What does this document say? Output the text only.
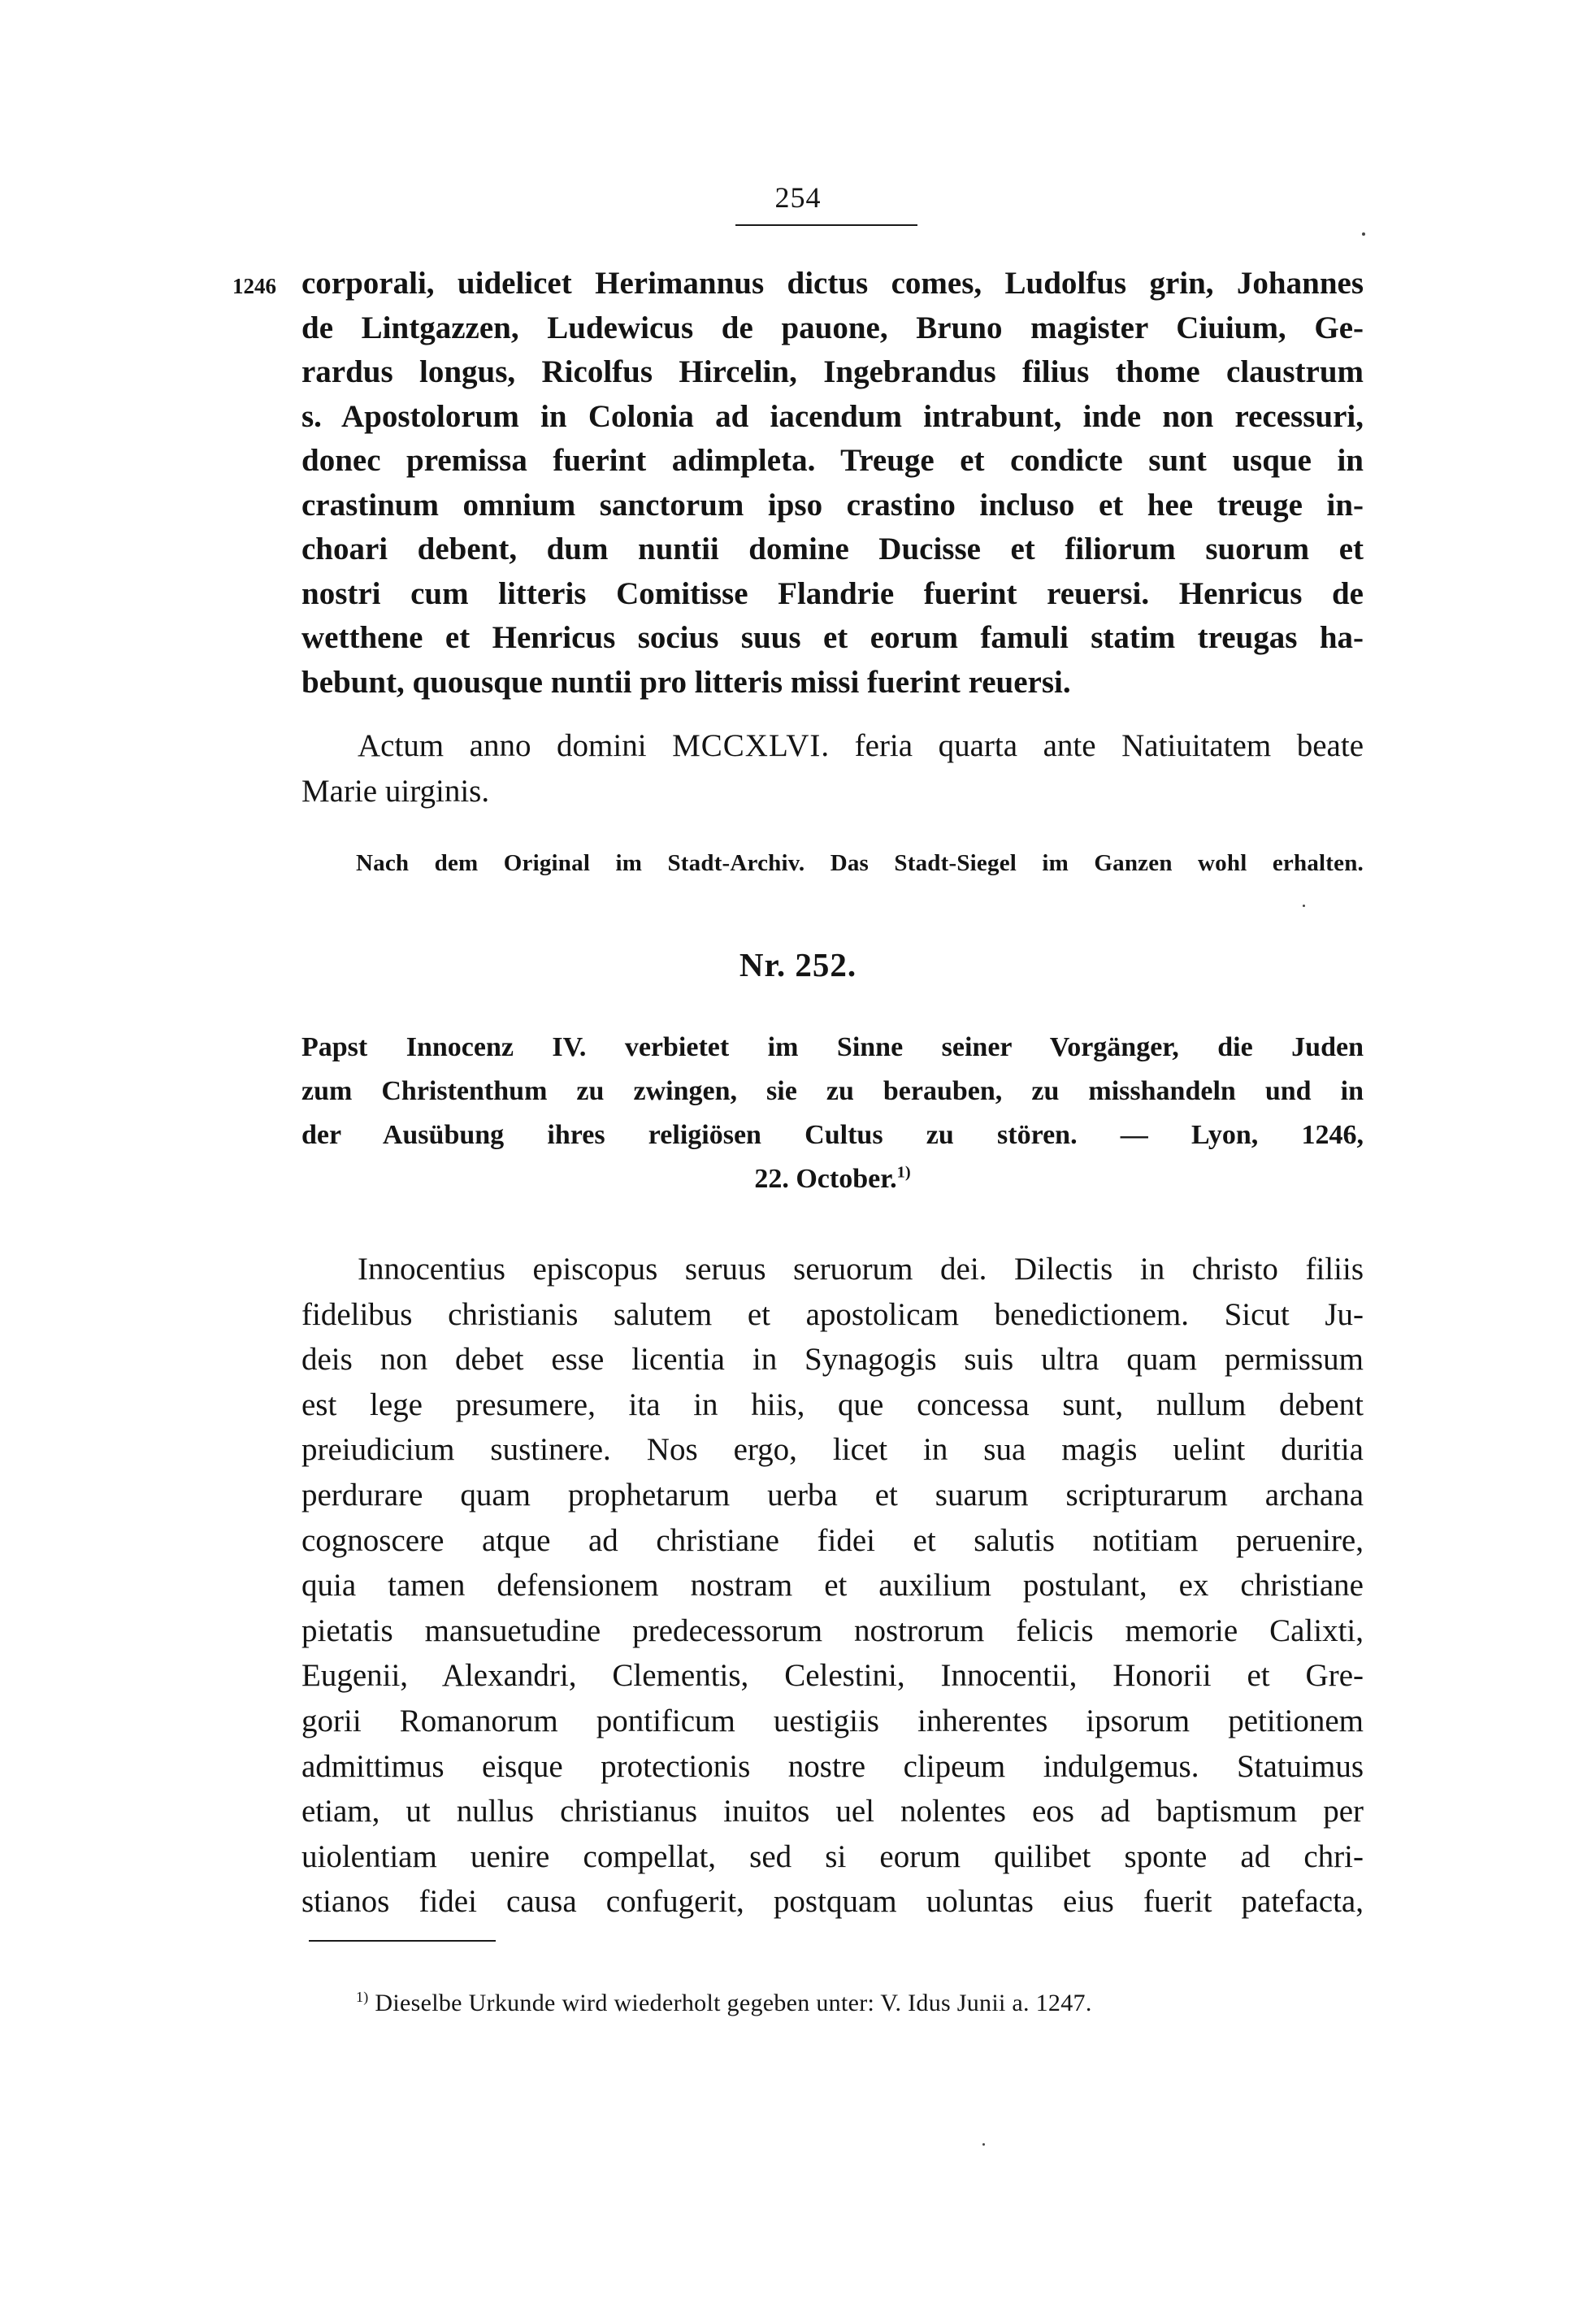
254
1246 corporali, uidelicet Herimannus dictus comes, Ludolfus grin, Johannes
de Lintgazzen, Ludewicus de pauone, Bruno magister Ciuium, Ge-
rardus longus, Ricolfus Hircelin, Ingebrandus filius thome claustrum
s. Apostolorum in Colonia ad iacendum intrabunt, inde non recessuri,
donec premissa fuerint adimpleta. Treuge et condicte sunt usque in
crastinum omnium sanctorum ipso crastino incluso et hee treuge in-
choari debent, dum nuntii domine Ducisse et filiorum suorum et
nostri cum litteris Comitisse Flandrie fuerint reuersi. Henricus de
wetthene et Henricus socius suus et eorum famuli statim treugas ha-
bebunt, quousque nuntii pro litteris missi fuerint reuersi.
Actum anno domini MCCXLVI. feria quarta ante Natiuitatem beate
Marie uirginis.
Nach dem Original im Stadt-Archiv. Das Stadt-Siegel im Ganzen wohl erhalten.
Nr. 252.
Papst Innocenz IV. verbietet im Sinne seiner Vorgänger, die Juden
zum Christenthum zu zwingen, sie zu berauben, zu misshandeln und in
der Ausübung ihres religiösen Cultus zu stören. — Lyon, 1246,
22. October.$^{1)}$
Innocentius episcopus seruus seruorum dei. Dilectis in christo filiis
fidelibus christianis salutem et apostolicam benedictionem. Sicut Ju-
deis non debet esse licentia in Synagogis suis ultra quam permissum
est lege presumere, ita in hiis, que concessa sunt, nullum debent
preiudicium sustinere. Nos ergo, licet in sua magis uelint duritia
perdurare quam prophetarum uerba et suarum scripturarum archana
cognoscere atque ad christiane fidei et salutis notitiam peruenire,
quia tamen defensionem nostram et auxilium postulant, ex christiane
pietatis mansuetudine predecessorum nostrorum felicis memorie Calixti,
Eugenii, Alexandri, Clementis, Celestini, Innocentii, Honorii et Gre-
gorii Romanorum pontificum uestigiis inherentes ipsorum petitionem
admittimus eisque protectionis nostre clipeum indulgemus. Statuimus
etiam, ut nullus christianus inuitos uel nolentes eos ad baptismum per
uiolentiam uenire compellat, sed si eorum quilibet sponte ad chri-
stianos fidei causa confugerit, postquam uoluntas eius fuerit patefacta,
$^{1)}$ Dieselbe Urkunde wird wiederholt gegeben unter: V. Idus Junii a. 1247.
